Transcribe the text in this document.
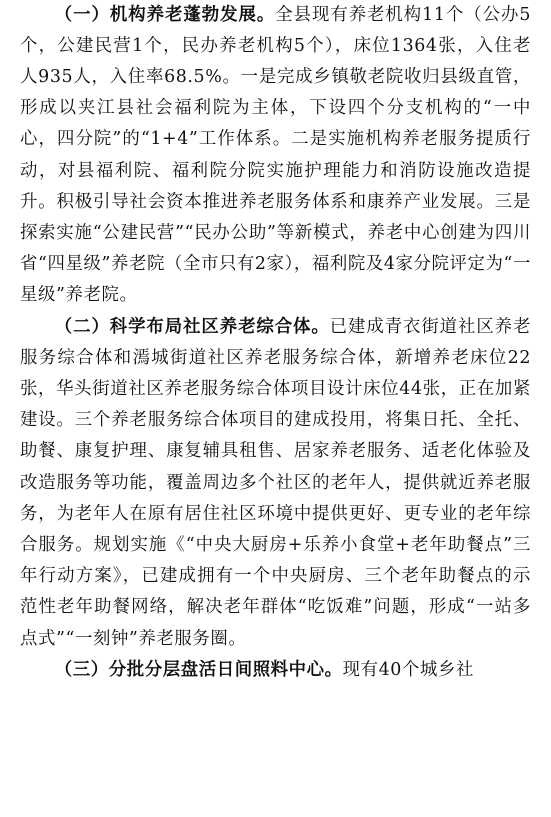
（一）机构养老蓬勃发展。全县现有养老机构11个（公办5个，公建民营1个，民办养老机构5个），床位1364张，入住老人935人，入住率68.5%。一是完成乡镇敬老院收归县级直管，形成以夹江县社会福利院为主体，下设四个分支机构的“一中心，四分院”的“1+4”工作体系。二是实施机构养老服务提质行动，对县福利院、福利院分院实施护理能力和消防设施改造提升。积极引导社会资本推进养老服务体系和康养产业发展。三是探索实施“公建民营”“民办公助”等新模式，养老中心创建为四川省“四星级”养老院（全市只有2家），福利院及4家分院评定为“一星级”养老院。

（二）科学布局社区养老综合体。已建成青衣街道社区养老服务综合体和漹城街道社区养老服务综合体，新增养老床位22张，华头街道社区养老服务综合体项目设计床位44张，正在加紧建设。三个养老服务综合体项目的建成投用，将集日托、全托、助餐、康复护理、康复辅具租售、居家养老服务、适老化体验及改造服务等功能，覆盖周边多个社区的老年人，提供就近养老服务，为老年人在原有居住社区环境中提供更好、更专业的老年综合服务。规划实施《“中央大厨房+乐养小食堂+老年助餐点”三年行动方案》，已建成拥有一个中央厨房、三个老年助餐点的示范性老年助餐网络，解决老年群体“吃饭难”问题，形成“一站多点式”“一刻钟”养老服务圈。

（三）分批分层盘活日间照料中心。现有40个城乡社
